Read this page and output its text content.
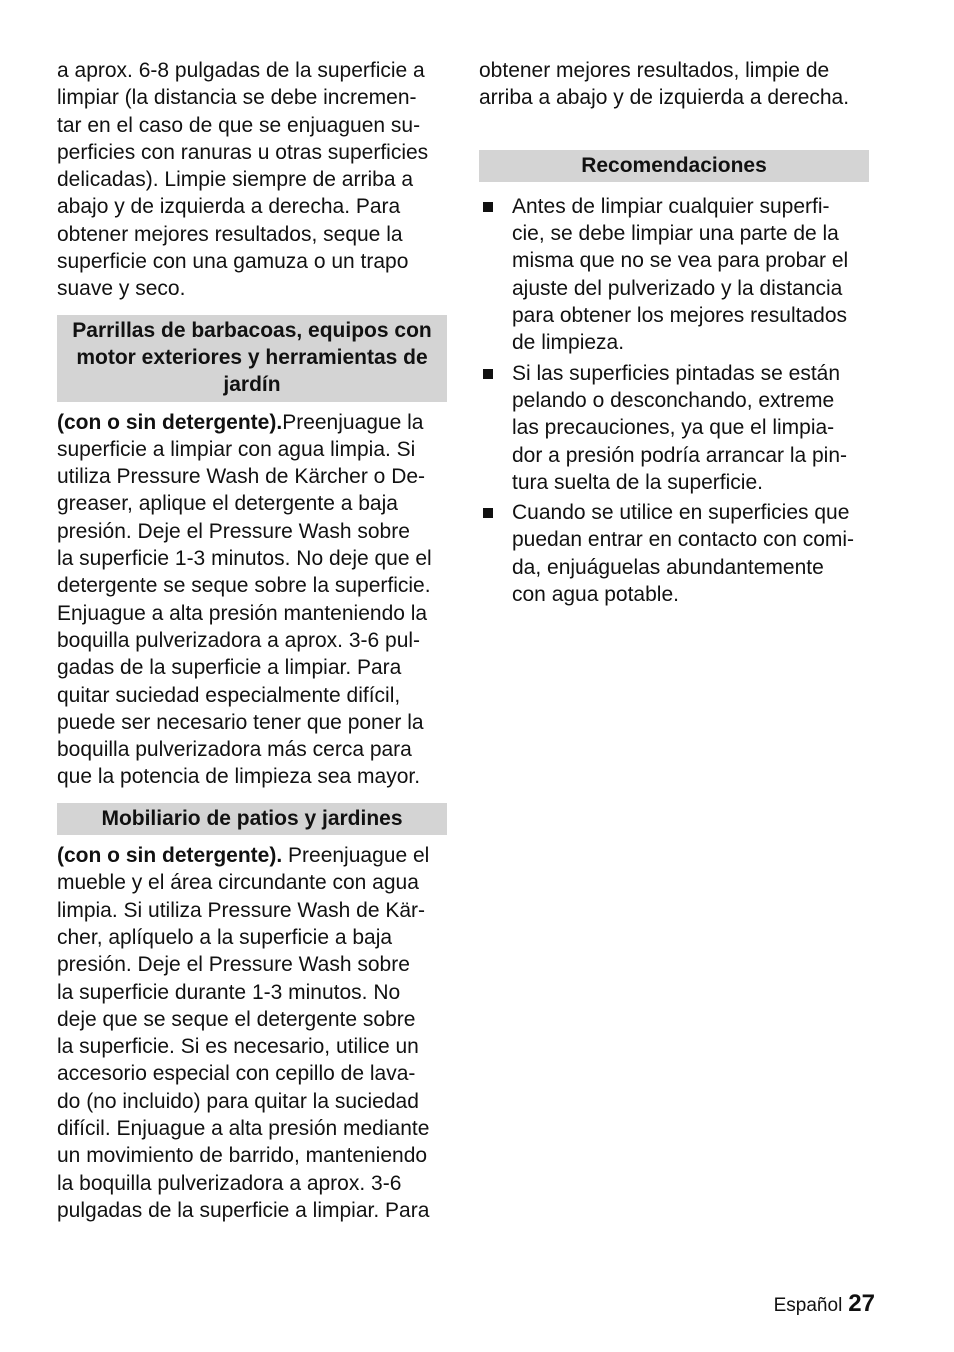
a aprox. 6-8 pulgadas de la superficie a
limpiar (la distancia se debe incremen-
tar en el caso de que se enjuaguen su-
perficies con ranuras u otras superficies
delicadas). Limpie siempre de arriba a
abajo y de izquierda a derecha. Para
obtener mejores resultados, seque la
superficie con una gamuza o un trapo
suave y seco.
Parrillas de barbacoas, equipos con
motor exteriores y herramientas de
jardín
(con o sin detergente).Preenjuague la
superficie a limpiar con agua limpia. Si
utiliza Pressure Wash de Kärcher o De-
greaser, aplique el detergente a baja
presión. Deje el Pressure Wash sobre
la superficie 1-3 minutos. No deje que el
detergente se seque sobre la superficie.
Enjuague a alta presión manteniendo la
boquilla pulverizadora a aprox. 3-6 pul-
gadas de la superficie a limpiar. Para
quitar suciedad especialmente difícil,
puede ser necesario tener que poner la
boquilla pulverizadora más cerca para
que la potencia de limpieza sea mayor.
Mobiliario de patios y jardines
(con o sin detergente). Preenjuague el
mueble y el área circundante con agua
limpia. Si utiliza Pressure Wash de Kär-
cher, aplíquelo a la superficie a baja
presión. Deje el Pressure Wash sobre
la superficie durante 1-3 minutos. No
deje que se seque el detergente sobre
la superficie. Si es necesario, utilice un
accesorio especial con cepillo de lava-
do (no incluido) para quitar la suciedad
difícil. Enjuague a alta presión mediante
un movimiento de barrido, manteniendo
la boquilla pulverizadora a aprox. 3-6
pulgadas de la superficie a limpiar. Para
obtener mejores resultados, limpie de
arriba a abajo y de izquierda a derecha.
Recomendaciones
Antes de limpiar cualquier superfi-
cie, se debe limpiar una parte de la
misma que no se vea para probar el
ajuste del pulverizado y la distancia
para obtener los mejores resultados
de limpieza.
Si las superficies pintadas se están
pelando o desconchando, extreme
las precauciones, ya que el limpia-
dor a presión podría arrancar la pin-
tura suelta de la superficie.
Cuando se utilice en superficies que
puedan entrar en contacto con comi-
da, enjuáguelas abundantemente
con agua potable.
Español 27
